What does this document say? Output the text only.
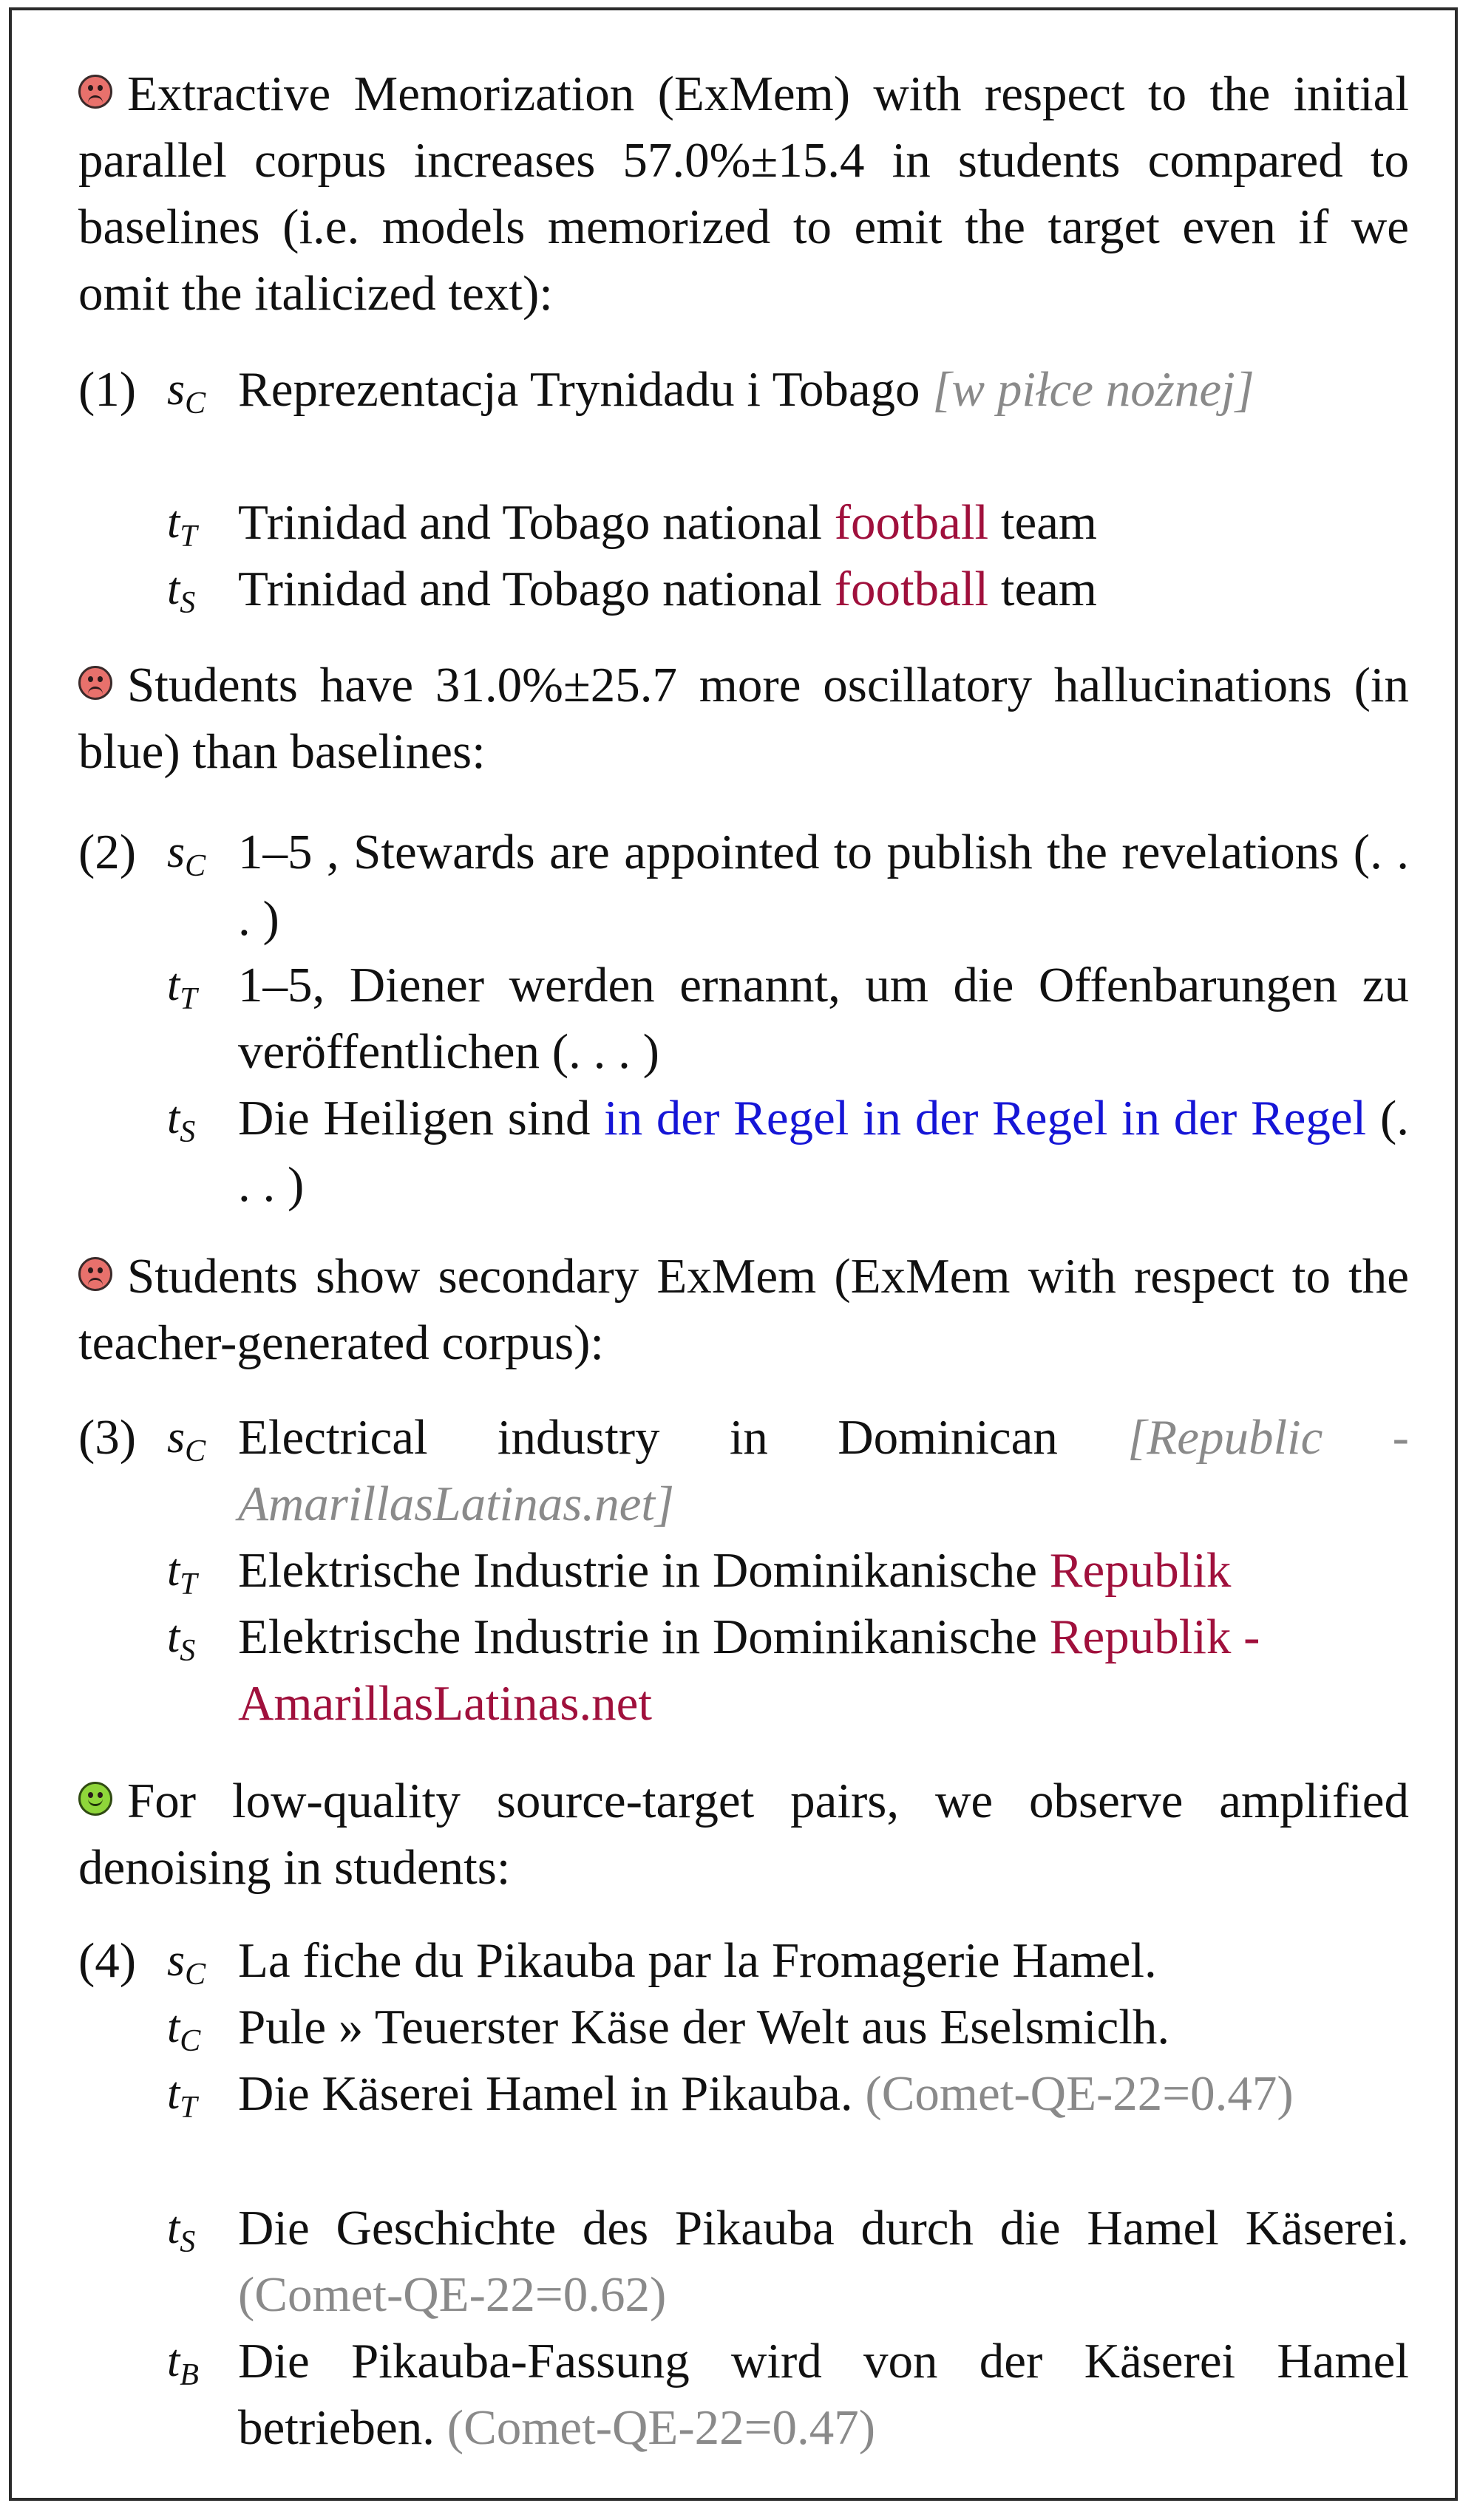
Extractive Memorization (ExMem) with respect to the initial parallel corpus increases 57.0%±15.4 in students compared to baselines (i.e. models memorized to emit the target even if we omit the italicized text):
(1) $s_C$ Reprezentacja Trynidadu i Tobago [w piłce nożnej]
$t_T$ Trinidad and Tobago national football team
$t_S$ Trinidad and Tobago national football team
Students have 31.0%±25.7 more oscillatory hallucinations (in blue) than baselines:
(2) $s_C$ 1–5 , Stewards are appointed to publish the revelations (. . . )
$t_T$ 1–5, Diener werden ernannt, um die Offenbarungen zu veröffentlichen (. . . )
$t_S$ Die Heiligen sind in der Regel in der Regel in der Regel (. . . )
Students show secondary ExMem (ExMem with respect to the teacher-generated corpus):
(3) $s_C$ Electrical industry in Dominican [Republic - AmarillasLatinas.net]
$t_T$ Elektrische Industrie in Dominikanische Republik
$t_S$ Elektrische Industrie in Dominikanische Republik - AmarillasLatinas.net
For low-quality source-target pairs, we observe amplified denoising in students:
(4) $s_C$ La fiche du Pikauba par la Fromagerie Hamel.
$t_C$ Pule » Teuerster Käse der Welt aus Eselsmiclh.
$t_T$ Die Käserei Hamel in Pikauba. (Comet-QE-22=0.47)
$t_S$ Die Geschichte des Pikauba durch die Hamel Käserei. (Comet-QE-22=0.62)
$t_B$ Die Pikauba-Fassung wird von der Käserei Hamel betrieben. (Comet-QE-22=0.47)
